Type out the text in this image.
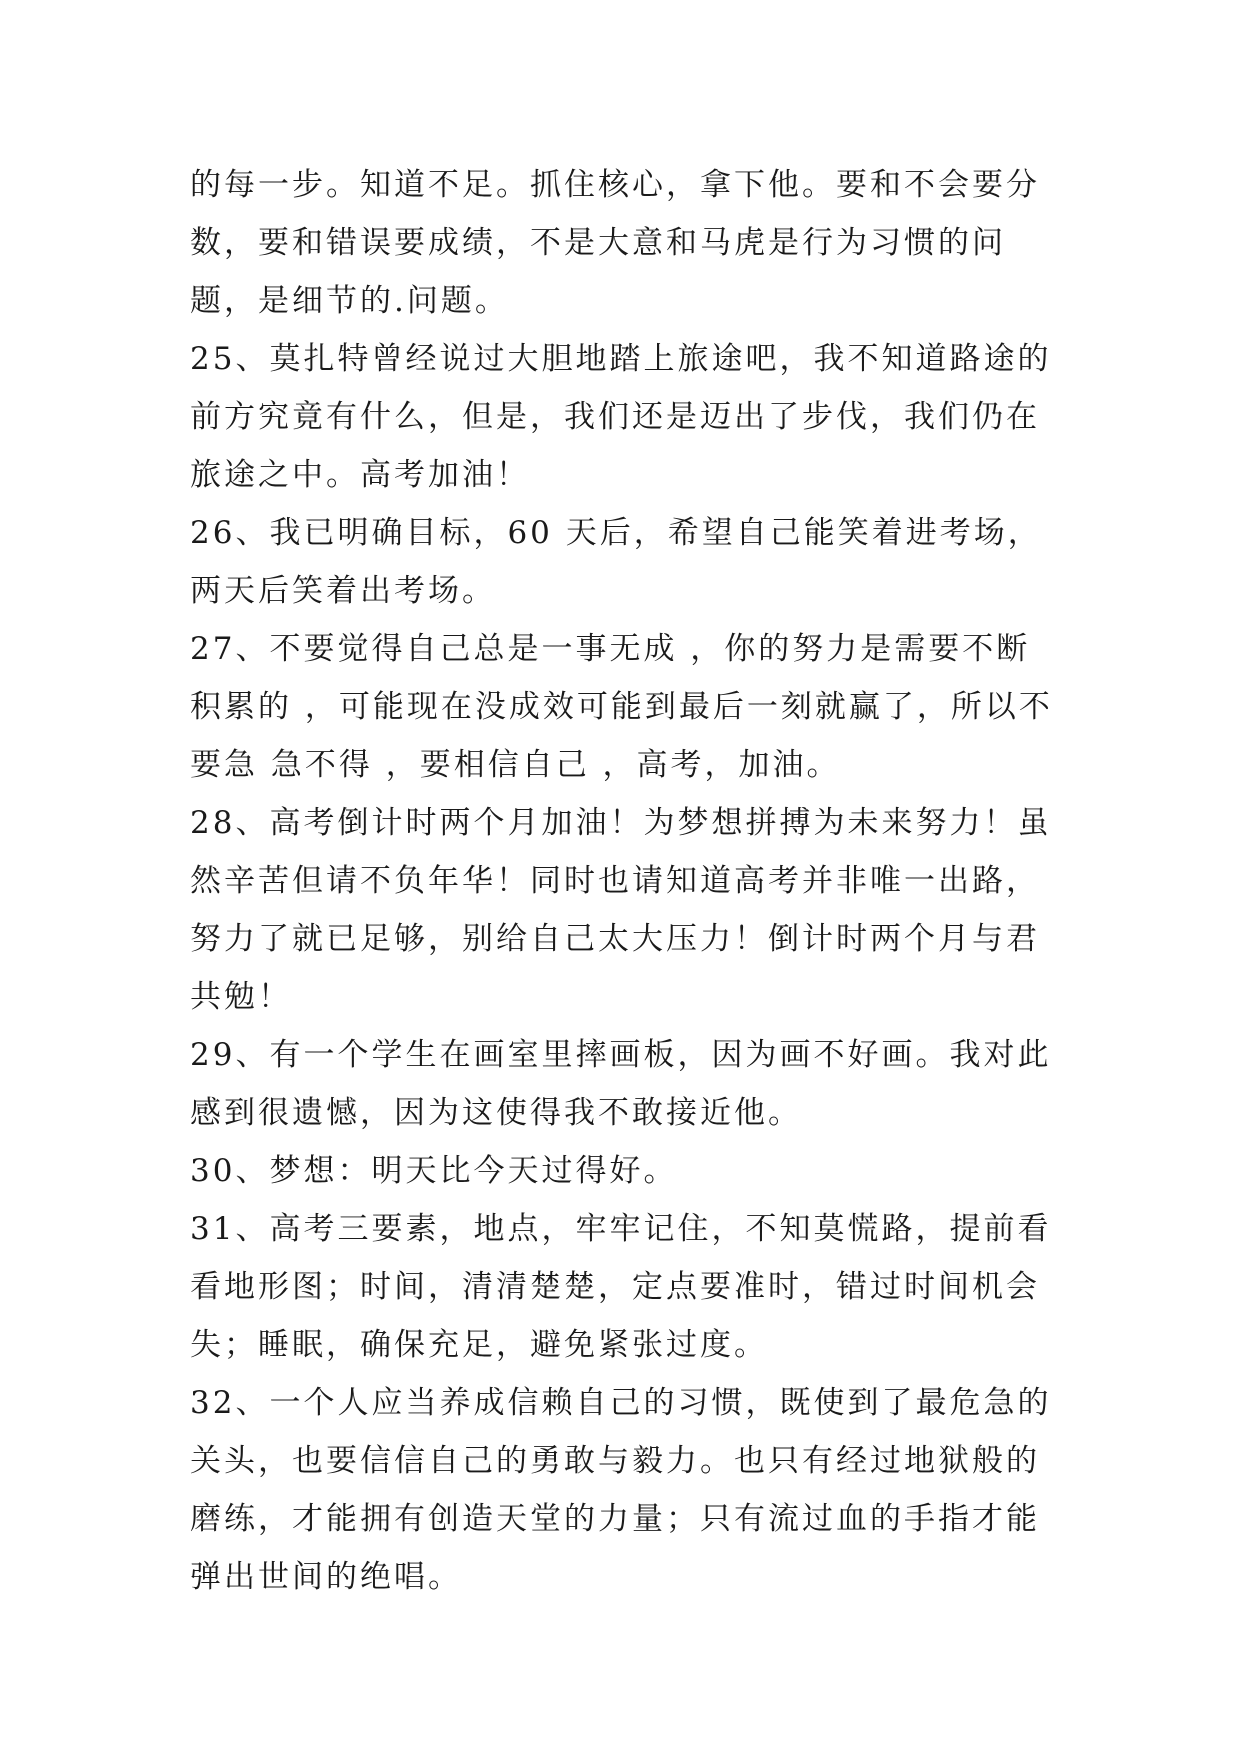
的每一步。知道不足。抓住核心，拿下他。要和不会要分数，要和错误要成绩，不是大意和马虎是行为习惯的问题，是细节的.问题。

25、莫扎特曾经说过大胆地踏上旅途吧，我不知道路途的前方究竟有什么，但是，我们还是迈出了步伐，我们仍在旅途之中。高考加油！

26、我已明确目标，60 天后，希望自己能笑着进考场，两天后笑着出考场。

27、不要觉得自己总是一事无成 ，你的努力是需要不断积累的 ，可能现在没成效可能到最后一刻就赢了，所以不要急 急不得 ，要相信自己 ，高考，加油。

28、高考倒计时两个月加油！为梦想拼搏为未来努力！虽然辛苦但请不负年华！同时也请知道高考并非唯一出路，努力了就已足够，别给自己太大压力！倒计时两个月与君共勉！

29、有一个学生在画室里摔画板，因为画不好画。我对此感到很遗憾，因为这使得我不敢接近他。

30、梦想：明天比今天过得好。

31、高考三要素，地点，牢牢记住，不知莫慌路，提前看看地形图；时间，清清楚楚，定点要准时，错过时间机会失；睡眠，确保充足，避免紧张过度。

32、一个人应当养成信赖自己的习惯，既使到了最危急的关头，也要信信自己的勇敢与毅力。也只有经过地狱般的磨练，才能拥有创造天堂的力量；只有流过血的手指才能弹出世间的绝唱。
